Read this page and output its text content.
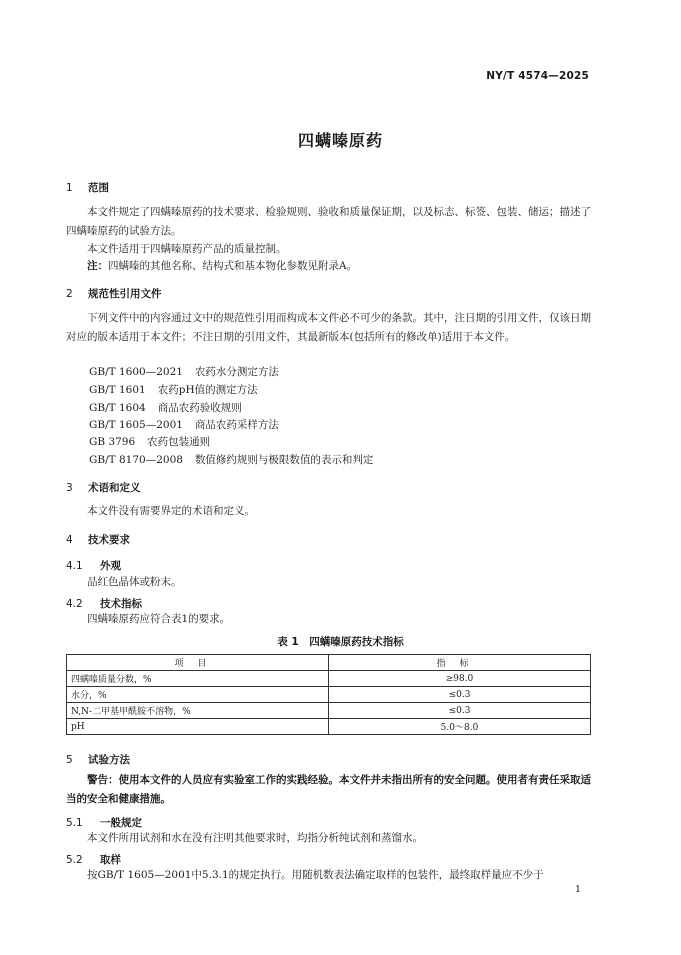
NY/T 4574—2025
四螨嗪原药
1 范围
本文件规定了四螨嗪原药的技术要求、检验规则、验收和质量保证期，以及标志、标签、包装、储运；描述了四螨嗪原药的试验方法。
本文件适用于四螨嗪原药产品的质量控制。
注：四螨嗪的其他名称、结构式和基本物化参数见附录A。
2 规范性引用文件
下列文件中的内容通过文中的规范性引用而构成本文件必不可少的条款。其中，注日期的引用文件，仅该日期对应的版本适用于本文件；不注日期的引用文件，其最新版本(包括所有的修改单)适用于本文件。
GB/T 1600—2021 农药水分测定方法
GB/T 1601 农药pH值的测定方法
GB/T 1604 商品农药验收规则
GB/T 1605—2001 商品农药采样方法
GB 3796 农药包装通则
GB/T 8170—2008 数值修约规则与极限数值的表示和判定
3 术语和定义
本文件没有需要界定的术语和定义。
4 技术要求
4.1 外观
品红色晶体或粉末。
4.2 技术指标
四螨嗪原药应符合表1的要求。
表 1　四螨嗪原药技术指标
项目	指标
四螨嗪质量分数，%	≥98.0
水分，%	≤0.3
N,N-二甲基甲酰胺不溶物，%	≤0.3
pH	5.0～8.0
5 试验方法
警告：使用本文件的人员应有实验室工作的实践经验。本文件并未指出所有的安全问题。使用者有责任采取适当的安全和健康措施。
5.1 一般规定
本文件所用试剂和水在没有注明其他要求时，均指分析纯试剂和蒸馏水。
5.2 取样
按GB/T 1605—2001中5.3.1的规定执行。用随机数表法确定取样的包装件，最终取样量应不少于
1
